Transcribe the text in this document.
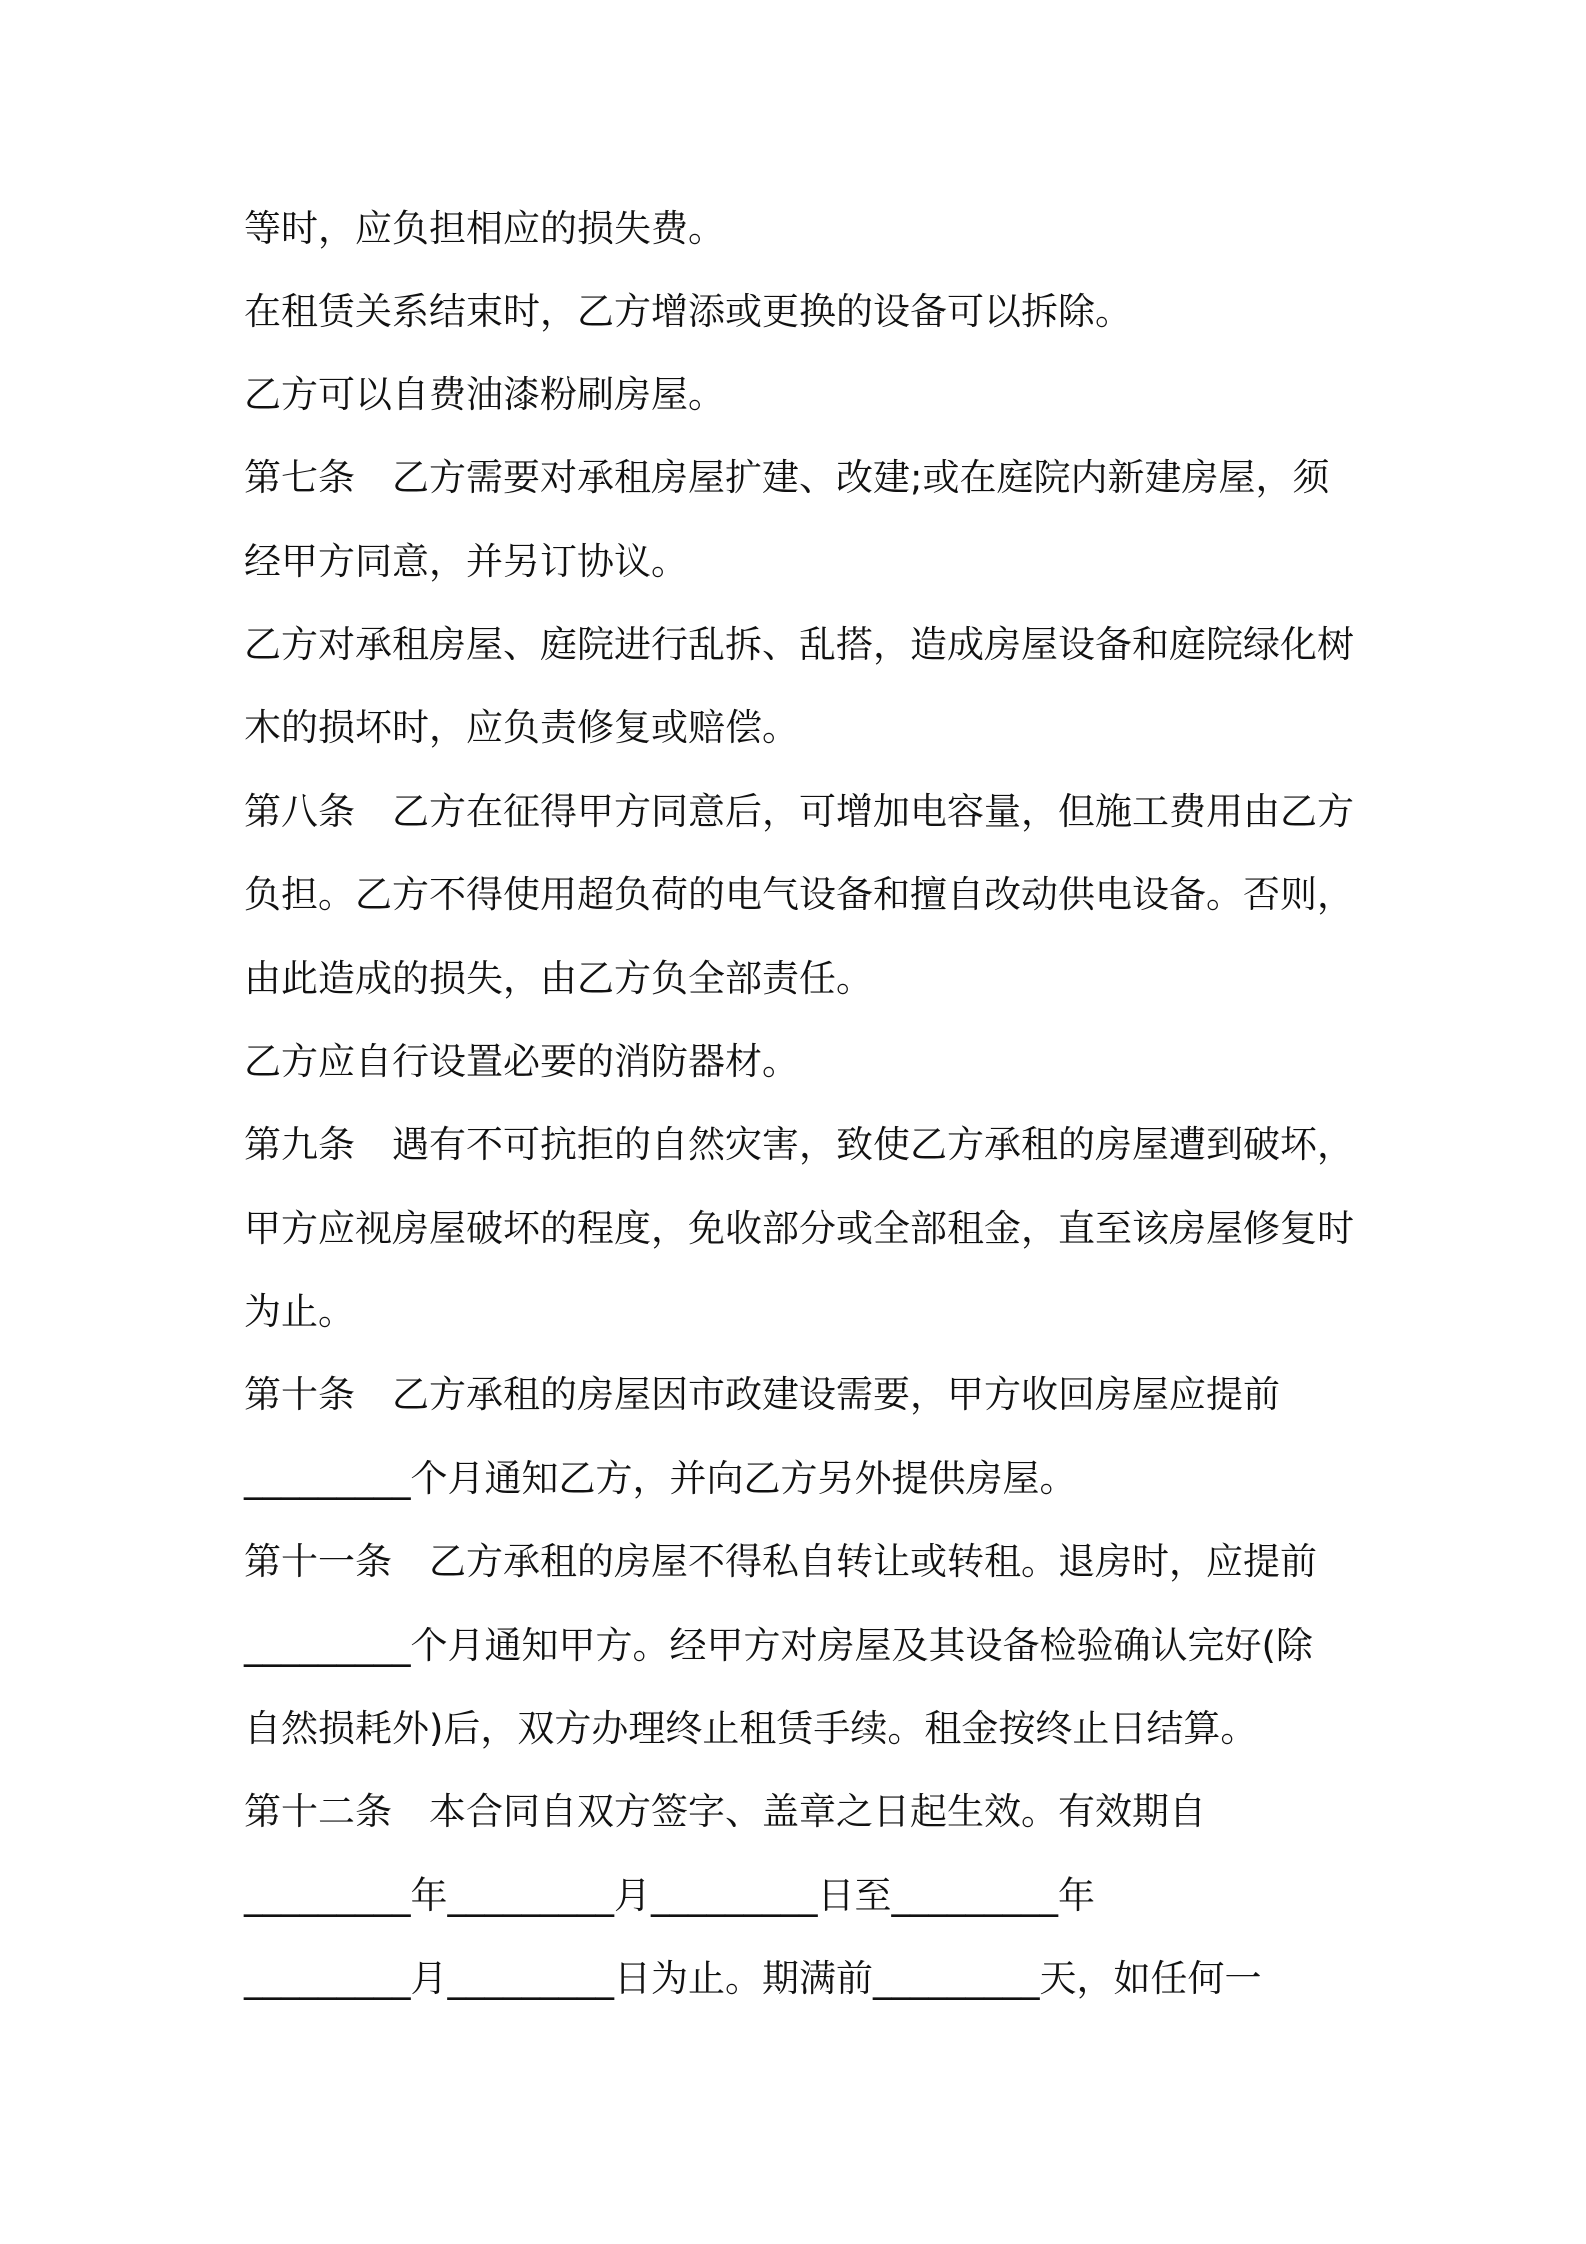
等时，应负担相应的损失费。
在租赁关系结束时，乙方增添或更换的设备可以拆除。
乙方可以自费油漆粉刷房屋。
第七条　乙方需要对承租房屋扩建、改建;或在庭院内新建房屋，须
经甲方同意，并另订协议。
乙方对承租房屋、庭院进行乱拆、乱搭，造成房屋设备和庭院绿化树
木的损坏时，应负责修复或赔偿。
第八条　乙方在征得甲方同意后，可增加电容量，但施工费用由乙方
负担。乙方不得使用超负荷的电气设备和擅自改动供电设备。否则，
由此造成的损失，由乙方负全部责任。
乙方应自行设置必要的消防器材。
第九条　遇有不可抗拒的自然灾害，致使乙方承租的房屋遭到破坏，
甲方应视房屋破坏的程度，免收部分或全部租金，直至该房屋修复时
为止。
第十条　乙方承租的房屋因市政建设需要，甲方收回房屋应提前
_________个月通知乙方，并向乙方另外提供房屋。
第十一条　乙方承租的房屋不得私自转让或转租。退房时，应提前
_________个月通知甲方。经甲方对房屋及其设备检验确认完好(除
自然损耗外)后，双方办理终止租赁手续。租金按终止日结算。
第十二条　本合同自双方签字、盖章之日起生效。有效期自
_________年_________月_________日至_________年
_________月_________日为止。期满前_________天，如任何一
